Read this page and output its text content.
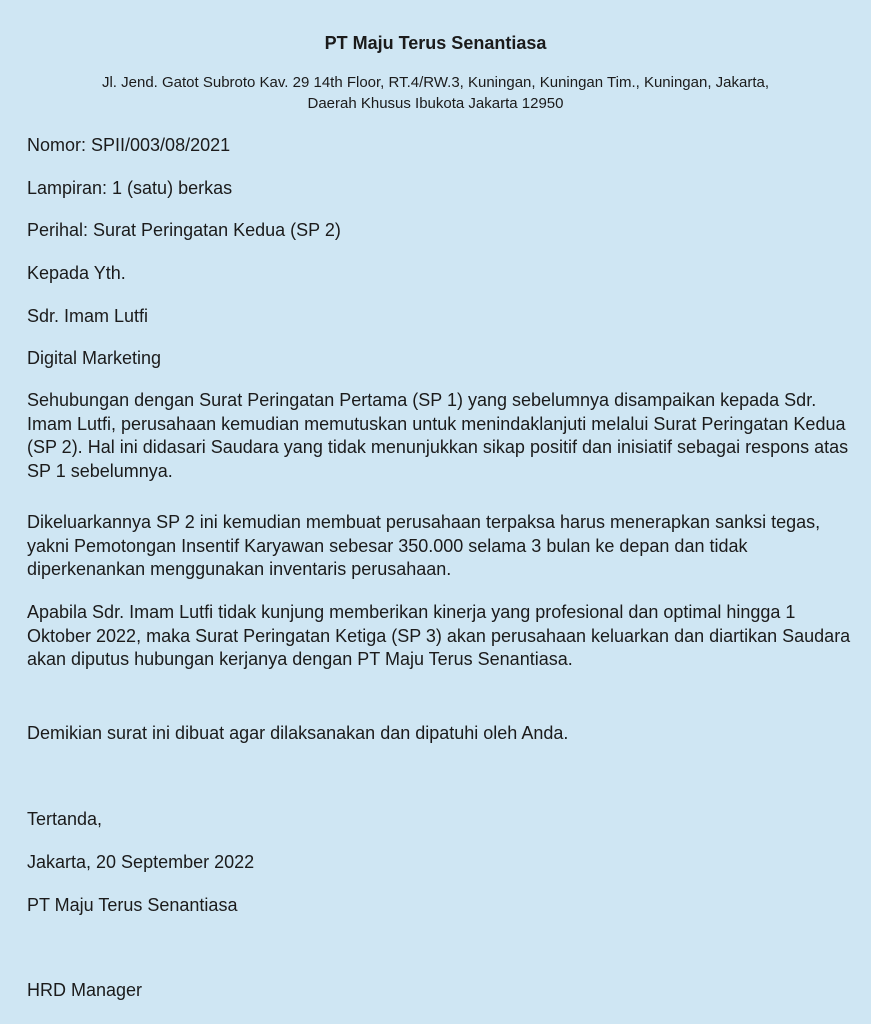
PT Maju Terus Senantiasa
Jl. Jend. Gatot Subroto Kav. 29 14th Floor, RT.4/RW.3, Kuningan, Kuningan Tim., Kuningan, Jakarta,
Daerah Khusus Ibukota Jakarta 12950
Nomor: SPII/003/08/2021
Lampiran: 1 (satu) berkas
Perihal: Surat Peringatan Kedua (SP 2)
Kepada Yth.
Sdr. Imam Lutfi
Digital Marketing
Sehubungan dengan Surat Peringatan Pertama (SP 1) yang sebelumnya disampaikan kepada Sdr. Imam Lutfi, perusahaan kemudian memutuskan untuk menindaklanjuti melalui Surat Peringatan Kedua (SP 2). Hal ini didasari Saudara yang tidak menunjukkan sikap positif dan inisiatif sebagai respons atas SP 1 sebelumnya.
Dikeluarkannya SP 2 ini kemudian membuat perusahaan terpaksa harus menerapkan sanksi tegas, yakni Pemotongan Insentif Karyawan sebesar 350.000 selama 3 bulan ke depan dan tidak diperkenankan menggunakan inventaris perusahaan.
Apabila Sdr. Imam Lutfi tidak kunjung memberikan kinerja yang profesional dan optimal hingga 1 Oktober 2022, maka Surat Peringatan Ketiga (SP 3) akan perusahaan keluarkan dan diartikan Saudara akan diputus hubungan kerjanya dengan PT Maju Terus Senantiasa.
Demikian surat ini dibuat agar dilaksanakan dan dipatuhi oleh Anda.
Tertanda,
Jakarta, 20 September 2022
PT Maju Terus Senantiasa
HRD Manager
